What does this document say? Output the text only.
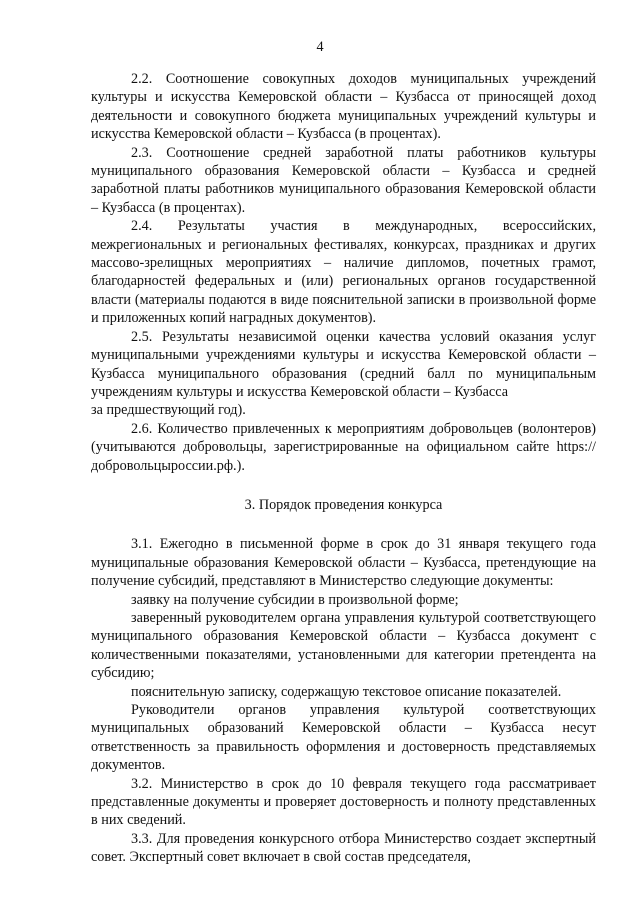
4

2.2. Соотношение совокупных доходов муниципальных учреждений культуры и искусства Кемеровской области – Кузбасса от приносящей доход деятельности и совокупного бюджета муниципальных учреждений культуры и искусства Кемеровской области – Кузбасса (в процентах).

2.3. Соотношение средней заработной платы работников культуры муниципального образования Кемеровской области – Кузбасса и средней заработной платы работников муниципального образования Кемеровской области – Кузбасса (в процентах).

2.4. Результаты участия в международных, всероссийских, межрегиональных и региональных фестивалях, конкурсах, праздниках и других массово-зрелищных мероприятиях – наличие дипломов, почетных грамот, благодарностей федеральных и (или) региональных органов государственной власти (материалы подаются в виде пояснительной записки в произвольной форме и приложенных копий наградных документов).

2.5. Результаты независимой оценки качества условий оказания услуг муниципальными учреждениями культуры и искусства Кемеровской области – Кузбасса муниципального образования (средний балл по муниципальным учреждениям культуры и искусства Кемеровской области – Кузбассаза предшествующий год).

2.6. Количество привлеченных к мероприятиям добровольцев (волонтеров) (учитываются добровольцы, зарегистрированные на официальном сайте https://добровольцыроссии.рф.).

3. Порядок проведения конкурса

3.1. Ежегодно в письменной форме в срок до 31 января текущего года муниципальные образования Кемеровской области – Кузбасса, претендующие на получение субсидий, представляют в Министерство следующие документы:

заявку на получение субсидии в произвольной форме;

заверенный руководителем органа управления культурой соответствующего муниципального образования Кемеровской области – Кузбасса документ с количественными показателями, установленными для категории претендента на субсидию;

пояснительную записку, содержащую текстовое описание показателей.

Руководители органов управления культурой соответствующих муниципальных образований Кемеровской области – Кузбасса несут ответственность за правильность оформления и достоверность представляемых документов.

3.2. Министерство в срок до 10 февраля текущего года рассматривает представленные документы и проверяет достоверность и полноту представленных в них сведений.

3.3. Для проведения конкурсного отбора Министерство создает экспертный совет. Экспертный совет включает в свой состав председателя,
